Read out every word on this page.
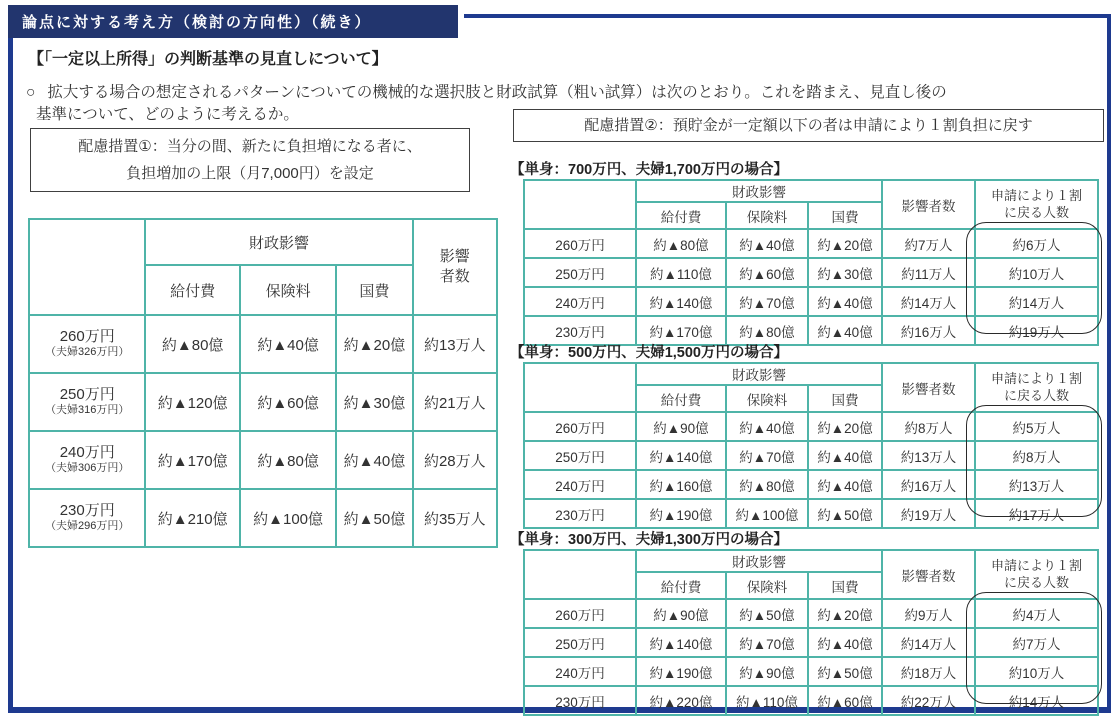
論点に対する考え方（検討の方向性）（続き）
【「一定以上所得」の判断基準の見直しについて】
○ 拡大する場合の想定されるパターンについての機械的な選択肢と財政試算（粗い試算）は次のとおり。これを踏まえ、見直し後の
基準について、どのように考えるか。
配慮措置①：当分の間、新たに負担増になる者に、
負担増加の上限（月7,000円）を設定
配慮措置②：預貯金が一定額以下の者は申請により１割負担に戻す
	財政影響			影響者数
	給付費	保険料	国費	

260万円
（夫婦326万円）	約▲80億	約▲40億	約▲20億	約13万人

250万円
（夫婦316万円）	約▲120億	約▲60億	約▲30億	約21万人

240万円
（夫婦306万円）	約▲170億	約▲80億	約▲40億	約28万人

230万円
（夫婦296万円）	約▲210億	約▲100億	約▲50億	約35万人
【単身：700万円、夫婦1,700万円の場合】
	財政影響			影響者数	申請により１割
に戻る人数

	給付費	保険料	国費		
260万円	約▲80億	約▲40億	約▲20億	約7万人	約6万人
250万円	約▲110億	約▲60億	約▲30億	約11万人	約10万人
240万円	約▲140億	約▲70億	約▲40億	約14万人	約14万人
230万円	約▲170億	約▲80億	約▲40億	約16万人	約19万人
【単身：500万円、夫婦1,500万円の場合】
	財政影響			影響者数	申請により１割
に戻る人数

	給付費	保険料	国費		
260万円	約▲90億	約▲40億	約▲20億	約8万人	約5万人
250万円	約▲140億	約▲70億	約▲40億	約13万人	約8万人
240万円	約▲160億	約▲80億	約▲40億	約16万人	約13万人
230万円	約▲190億	約▲100億	約▲50億	約19万人	約17万人
【単身：300万円、夫婦1,300万円の場合】
	財政影響			影響者数	申請により１割
に戻る人数

	給付費	保険料	国費		
260万円	約▲90億	約▲50億	約▲20億	約9万人	約4万人
250万円	約▲140億	約▲70億	約▲40億	約14万人	約7万人
240万円	約▲190億	約▲90億	約▲50億	約18万人	約10万人
230万円	約▲220億	約▲110億	約▲60億	約22万人	約14万人
